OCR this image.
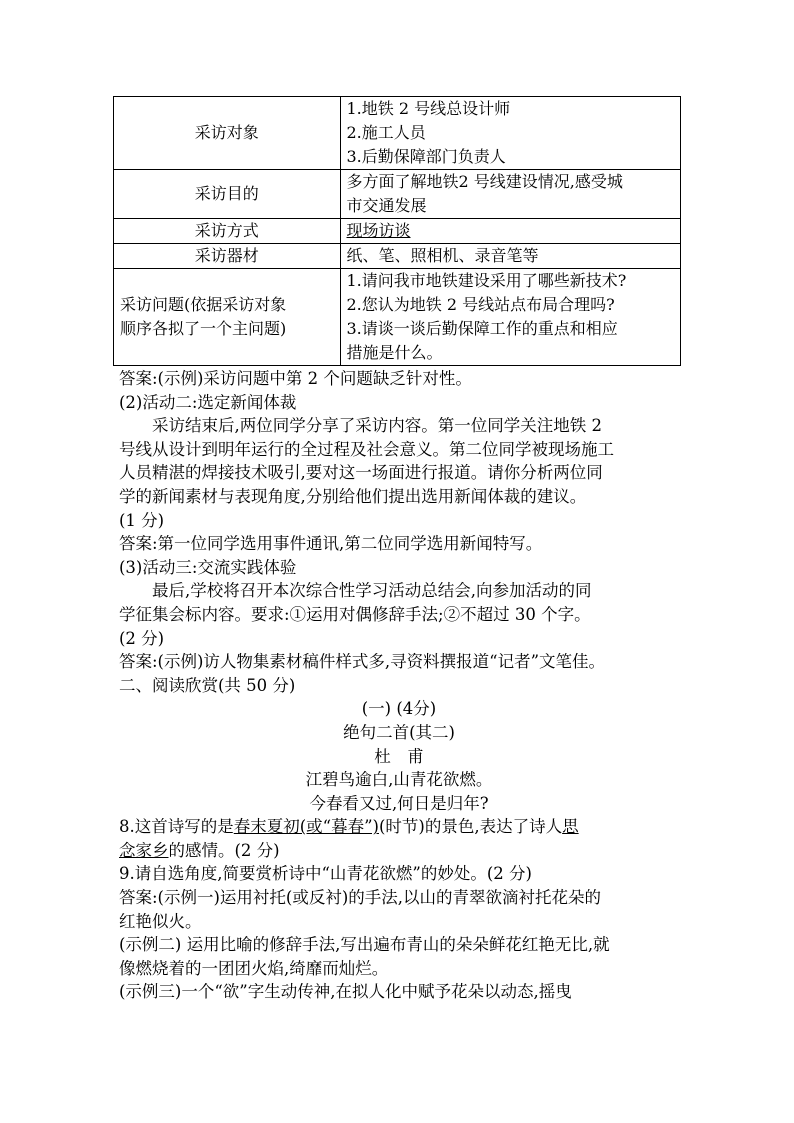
采访对象	1.地铁 2 号线总设计师
2.施工人员
3.后勤保障部门负责人

采访目的	多方面了解地铁2 号线建设情况,感受城
市交通发展

采访方式	现场访谈

采访器材	纸、笔、照相机、录音笔等

采访问题(依据采访对象
顺序各拟了一个主问题)	1.请问我市地铁建设采用了哪些新技术?
2.您认为地铁 2 号线站点布局合理吗?
3.请谈一谈后勤保障工作的重点和相应
措施是什么。
答案:(示例)采访问题中第 2 个问题缺乏针对性。
(2)活动二:选定新闻体裁
采访结束后,两位同学分享了采访内容。第一位同学关注地铁 2
号线从设计到明年运行的全过程及社会意义。第二位同学被现场施工
人员精湛的焊接技术吸引,要对这一场面进行报道。请你分析两位同
学的新闻素材与表现角度,分别给他们提出选用新闻体裁的建议。
(1 分)
答案:第一位同学选用事件通讯,第二位同学选用新闻特写。
(3)活动三:交流实践体验
最后,学校将召开本次综合性学习活动总结会,向参加活动的同
学征集会标内容。要求:①运用对偶修辞手法;②不超过 30 个字。
(2 分)
答案:(示例)访人物集素材稿件样式多,寻资料撰报道“记者”文笔佳。
二、阅读欣赏(共 50 分)
(一) (4分)
绝句二首(其二)
杜　甫
江碧鸟逾白,山青花欲燃。
今春看又过,何日是归年?
8.这首诗写的是春末夏初(或“暮春”)(时节)的景色,表达了诗人思
念家乡的感情。(2 分)
9.请自选角度,简要赏析诗中“山青花欲燃”的妙处。(2 分)
答案:(示例一)运用衬托(或反衬)的手法,以山的青翠欲滴衬托花朵的
红艳似火。
(示例二) 运用比喻的修辞手法,写出遍布青山的朵朵鲜花红艳无比,就
像燃烧着的一团团火焰,绮靡而灿烂。
(示例三)一个“欲”字生动传神,在拟人化中赋予花朵以动态,摇曳
